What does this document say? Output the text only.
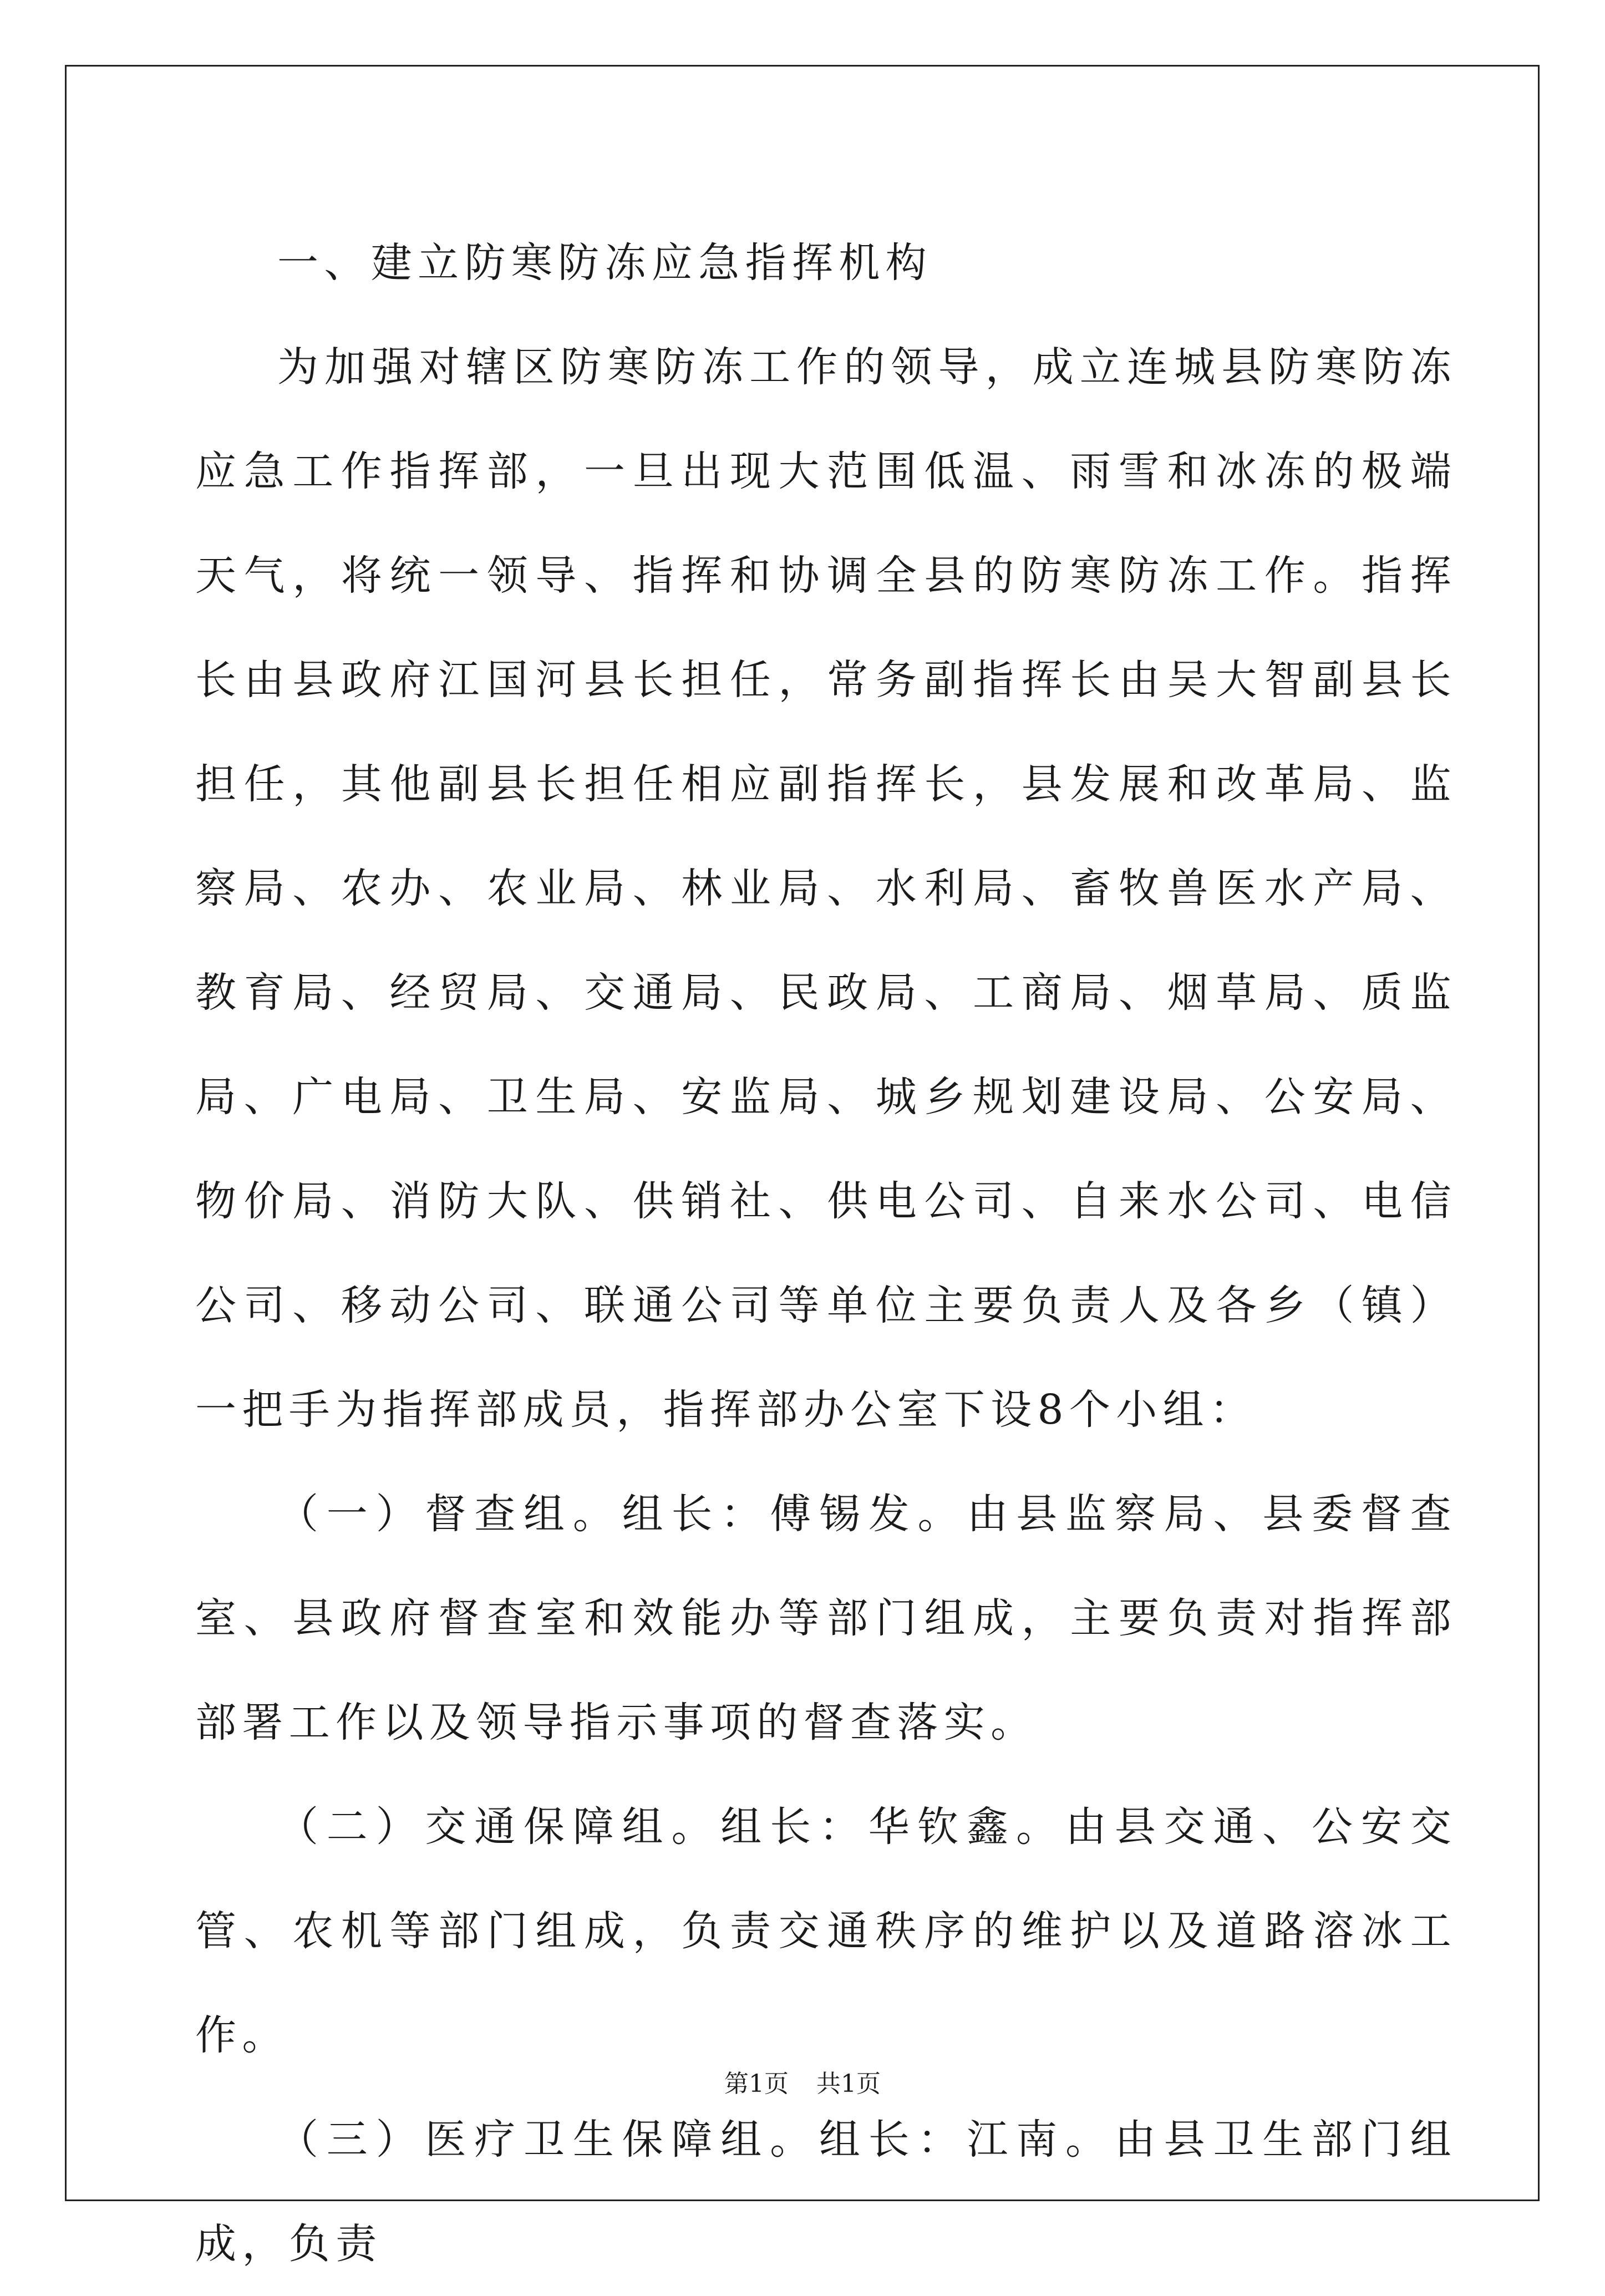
一、建立防寒防冻应急指挥机构

为加强对辖区防寒防冻工作的领导，成立连城县防寒防冻应急工作指挥部，一旦出现大范围低温、雨雪和冰冻的极端天气，将统一领导、指挥和协调全县的防寒防冻工作。指挥长由县政府江国河县长担任，常务副指挥长由吴大智副县长担任，其他副县长担任相应副指挥长，县发展和改革局、监察局、农办、农业局、林业局、水利局、畜牧兽医水产局、教育局、经贸局、交通局、民政局、工商局、烟草局、质监局、广电局、卫生局、安监局、城乡规划建设局、公安局、物价局、消防大队、供销社、供电公司、自来水公司、电信公司、移动公司、联通公司等单位主要负责人及各乡（镇）一把手为指挥部成员，指挥部办公室下设8个小组：

（一）督查组。组长：傅锡发。由县监察局、县委督查室、县政府督查室和效能办等部门组成，主要负责对指挥部部署工作以及领导指示事项的督查落实。

（二）交通保障组。组长：华钦鑫。由县交通、公安交管、农机等部门组成，负责交通秩序的维护以及道路溶冰工作。

（三）医疗卫生保障组。组长：江南。由县卫生部门组成，负责

第1页 共1页
